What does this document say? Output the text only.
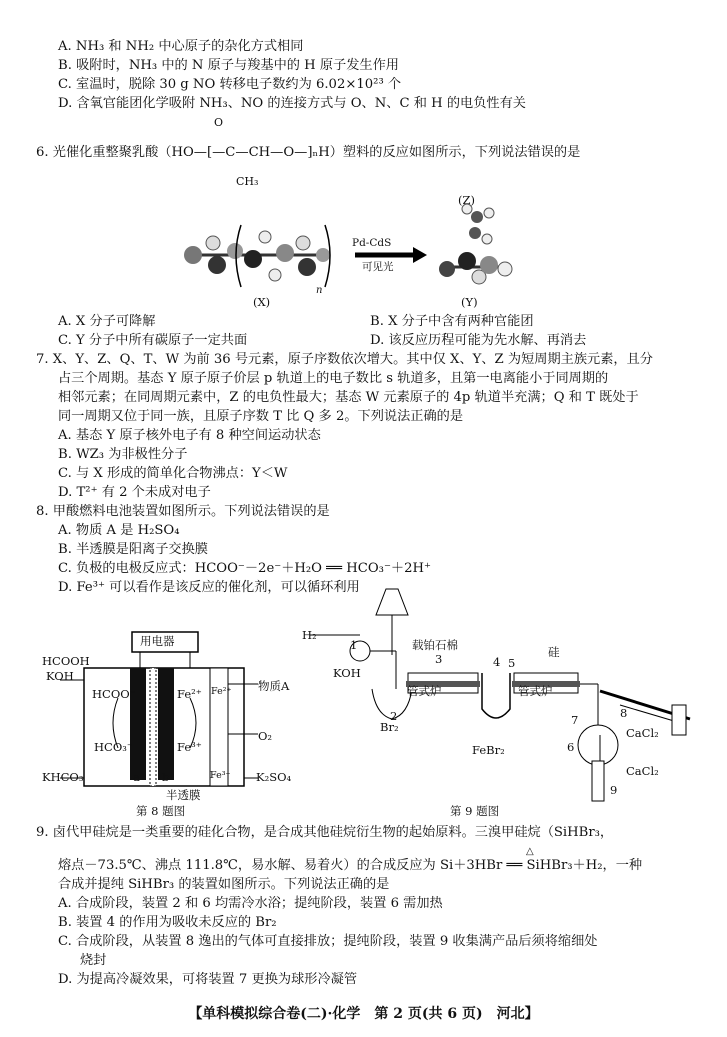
A. NH₃ 和 NH₂ 中心原子的杂化方式相同
B. 吸附时，NH₃ 中的 N 原子与羧基中的 H 原子发生作用
C. 室温时，脱除 30 g NO 转移电子数约为 6.02×10²³ 个
D. 含氧官能团化学吸附 NH₃、NO 的连接方式与 O、N、C 和 H 的电负性有关
O
6. 光催化重整聚乳酸（HO—[—C—CH—O—]ₙH）塑料的反应如图所示，下列说法错误的是
CH₃
Pd-CdS
可见光
(Z)
n
(X)	(Y)
A. X 分子可降解	B. X 分子中含有两种官能团
C. Y 分子中所有碳原子一定共面	D. 该反应历程可能为先水解、再消去
7. X、Y、Z、Q、T、W 为前 36 号元素，原子序数依次增大。其中仅 X、Y、Z 为短周期主族元素，且分
占三个周期。基态 Y 原子原子价层 p 轨道上的电子数比 s 轨道多，且第一电离能小于同周期的
相邻元素；在同周期元素中，Z 的电负性最大；基态 W 元素原子的 4p 轨道半充满；Q 和 T 既处于
同一周期又位于同一族，且原子序数 T 比 Q 多 2。下列说法正确的是
A. 基态 Y 原子核外电子有 8 种空间运动状态
B. WZ₃ 为非极性分子
C. 与 X 形成的简单化合物沸点：Y＜W
D. T²⁺ 有 2 个未成对电子
8. 甲酸燃料电池装置如图所示。下列说法错误的是
A. 物质 A 是 H₂SO₄
B. 半透膜是阳离子交换膜
C. 负极的电极反应式：HCOO⁻－2e⁻＋H₂O ══ HCO₃⁻＋2H⁺
D. Fe³⁺ 可以看作是该反应的催化剂，可以循环利用
用电器
HCOOH
KOH
HCOO⁻
HCO₃⁻
Fe²⁺
Fe³⁺
Fe²⁺
Fe³⁺
物质A
O₂
KHCO₃	K₂SO₄
a b
半透膜
第 8 题图
H₂
KOH
Br₂
载铂石棉
管式炉	管式炉
硅
FeBr₂
CaCl₂
CaCl₂
1
2
3	4 5
6
7	8
9
第 9 题图
9. 卤代甲硅烷是一类重要的硅化合物，是合成其他硅烷衍生物的起始原料。三溴甲硅烷（SiHBr₃，
△
熔点－73.5℃、沸点 111.8℃，易水解、易着火）的合成反应为 Si＋3HBr ══ SiHBr₃＋H₂，一种
合成并提纯 SiHBr₃ 的装置如图所示。下列说法正确的是
A. 合成阶段，装置 2 和 6 均需冷水浴；提纯阶段，装置 6 需加热
B. 装置 4 的作用为吸收未反应的 Br₂
C. 合成阶段，从装置 8 逸出的气体可直接排放；提纯阶段，装置 9 收集满产品后须将缩细处
烧封
D. 为提高冷凝效果，可将装置 7 更换为球形冷凝管
【单科模拟综合卷(二)·化学　第 2 页(共 6 页)　河北】
